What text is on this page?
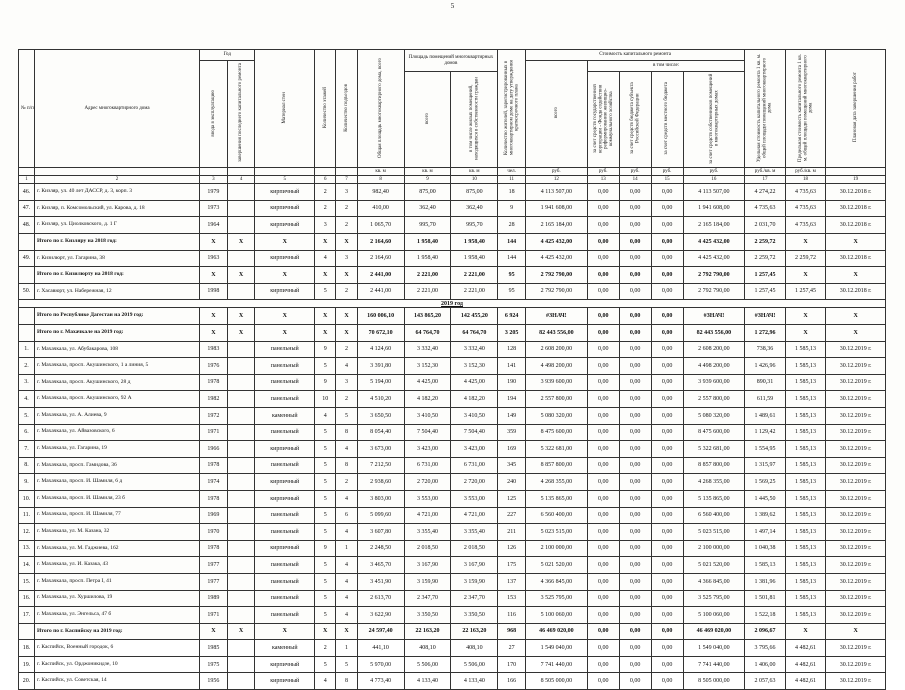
5
№ п/п	Адрес многоквартирного дома	Год		Материал стен	Количество этажей	Количество подъездов	Общая площадь многоквартирного дома, всего	Площадь помещений многоквартирных домов		Количество жителей, зарегистрированных в многоквартирном доме на дату утверждения краткосрочного плана	Стоимость капитального ремонта					Удельная стоимость капитального ремонта 1 кв. м. общей площади помещений многоквартирного дома	Предельная стоимость капитального ремонта 1 кв. м. общей площади помещений многоквартирного дома	Плановая дата завершения работ
		ввода в эксплуатацию	завершения последнего капитального ремонта								всего	в том числе:						
								всего	в том числе жилых помещений, находящихся в собственности граждан			за счет средств государственной корпорации - Фонда содействия реформированию жилищно-коммунального хозяйства	за счет средств бюджета субъекта Российской Федерации	за счет средств местного бюджета	за счет средств собственников помещений в многоквартирных домах			
							кв. м	кв. м	кв. м	чел.	руб.	руб.	руб.	руб.	руб.	руб./кв. м	руб./кв. м	
1	2	3	4	5	6	7	8	9	10	11	12	13	14	15	16	17	18	19
46.	г. Кизляр, ул. 40 лет ДАССР, д. 3, корп. 3	1979		кирпичный	2	3	982,40	875,00	875,00	18	4 113 507,00	0,00	0,00	0,00	4 113 507,00	4 274,22	4 735,63	30.12.2018 г.
47.	г. Кизляр, п. Комсомольский, ул. Карова, д. 18	1973		кирпичный	2	2	410,00	362,40	362,40	9	1 941 608,00	0,00	0,00	0,00	1 941 608,00	4 735,63	4 735,63	30.12.2018 г.
48.	г. Кизляр, ул. Циолковского, д. 1 Г	1964		кирпичный	3	2	1 065,70	995,70	995,70	28	2 165 184,00	0,00	0,00	0,00	2 165 184,00	2 031,70	4 735,63	30.12.2018 г.
	Итого по г. Кизляру на 2018 год:	X	X	X	X	X	2 164,60	1 958,40	1 958,40	144	4 425 432,00	0,00	0,00	0,00	4 425 432,00	2 259,72	X	X
49.	г. Кизилюрт, ул. Гагарина, 38	1963		кирпичный	4	3	2 164,60	1 958,40	1 958,40	144	4 425 432,00	0,00	0,00	0,00	4 425 432,00	2 259,72	2 259,72	30.12.2018 г.
	Итого по г. Кизилюрту на 2018 год:	X	X	X	X	X	2 441,00	2 221,00	2 221,00	95	2 792 790,00	0,00	0,00	0,00	2 792 790,00	1 257,45	X	X
50.	г. Хасавюрт, ул. Набережная, 12	1998		кирпичный	5	2	2 441,00	2 221,00	2 221,00	95	2 792 790,00	0,00	0,00	0,00	2 792 790,00	1 257,45	1 257,45	30.12.2018 г.
2019 год																		
	Итого по Республике Дагестан на 2019 год:	X	X	X	X	X	160 006,10	143 865,20	142 455,20	6 924	#ЗНАЧ!	0,00	0,00	0,00	#ЗНАЧ!	#ЗНАЧ!	X	X
	Итого по г. Махачкале на 2019 год:	X	X	X	X	X	70 672,10	64 764,70	64 764,70	3 205	82 443 556,00	0,00	0,00	0,00	82 443 556,00	1 272,96	X	X
1.	г. Махачкала, ул. Абубакарова, 108	1983		панельный	9	2	4 124,60	3 332,40	3 332,40	128	2 608 200,00	0,00	0,00	0,00	2 608 200,00	738,36	1 585,13	30.12.2019 г.
2.	г. Махачкала, просп. Акушинского, 1 а линия, 5	1976		панельный	5	4	3 391,80	3 152,30	3 152,30	141	4 498 200,00	0,00	0,00	0,00	4 498 200,00	1 426,96	1 585,13	30.12.2019 г.
3.	г. Махачкала, просп. Акушинского, 28 д	1978		панельный	9	3	5 194,00	4 425,00	4 425,00	190	3 939 600,00	0,00	0,00	0,00	3 939 600,00	890,31	1 585,13	30.12.2019 г.
4.	г. Махачкала, просп. Акушинского, 92 А	1982		панельный	10	2	4 510,20	4 182,20	4 182,20	194	2 557 800,00	0,00	0,00	0,00	2 557 800,00	611,59	1 585,13	30.12.2019 г.
5.	г. Махачкала, ул. А. Алиева, 9	1972		каменный	4	5	3 650,50	3 410,50	3 410,50	149	5 080 320,00	0,00	0,00	0,00	5 080 320,00	1 489,61	1 585,13	30.12.2019 г.
6.	г. Махачкала, ул. Айвазовского, 6	1971		панельный	5	8	8 054,40	7 504,40	7 504,40	359	8 475 600,00	0,00	0,00	0,00	8 475 600,00	1 129,42	1 585,13	30.12.2019 г.
7.	г. Махачкала, ул. Гагарина, 19	1966		кирпичный	5	4	3 673,00	3 423,00	3 423,00	169	5 322 681,00	0,00	0,00	0,00	5 322 681,00	1 554,95	1 585,13	30.12.2019 г.
8.	г. Махачкала, просп. Гамидова, 36	1978		панельный	5	8	7 212,50	6 731,00	6 731,00	345	8 857 800,00	0,00	0,00	0,00	8 857 800,00	1 315,97	1 585,13	30.12.2019 г.
9.	г. Махачкала, просп. И. Шамиля, 6 д	1974		кирпичный	5	2	2 938,60	2 720,00	2 720,00	240	4 268 355,00	0,00	0,00	0,00	4 268 355,00	1 569,25	1 585,13	30.12.2019 г.
10.	г. Махачкала, просп. И. Шамиля, 23 б	1978		кирпичный	5	4	3 803,00	3 553,00	3 553,00	125	5 135 865,00	0,00	0,00	0,00	5 135 865,00	1 445,50	1 585,13	30.12.2019 г.
11.	г. Махачкала, просп. И. Шамиля, 77	1969		панельный	5	6	5 099,60	4 721,00	4 721,00	227	6 560 400,00	0,00	0,00	0,00	6 560 400,00	1 389,62	1 585,13	30.12.2019 г.
12.	г. Махачкала, ул. М. Казана, 32	1970		панельный	5	4	3 607,80	3 355,40	3 355,40	211	5 023 515,00	0,00	0,00	0,00	5 023 515,00	1 497,14	1 585,13	30.12.2019 г.
13.	г. Махачкала, ул. М. Гаджиева, 162	1978		кирпичный	9	1	2 248,50	2 018,50	2 018,50	126	2 100 000,00	0,00	0,00	0,00	2 100 000,00	1 040,38	1 585,13	30.12.2019 г.
14.	г. Махачкала, ул. И. Казака, 43	1977		панельный	5	4	3 465,70	3 167,90	3 167,90	175	5 021 520,00	0,00	0,00	0,00	5 021 520,00	1 585,13	1 585,13	30.12.2019 г.
15.	г. Махачкала, просп. Петра I, 41	1977		панельный	5	4	3 451,90	3 159,90	3 159,90	137	4 366 845,00	0,00	0,00	0,00	4 366 845,00	1 381,96	1 585,13	30.12.2019 г.
16.	г. Махачкала, ул. Хуршилова, 19	1989		панельный	5	4	2 613,70	2 347,70	2 347,70	153	3 525 795,00	0,00	0,00	0,00	3 525 795,00	1 501,81	1 585,13	30.12.2019 г.
17.	г. Махачкала, ул. Энгельса, 47 б	1971		панельный	5	4	3 622,90	3 350,50	3 350,50	116	5 100 060,00	0,00	0,00	0,00	5 100 060,00	1 522,18	1 585,13	30.12.2019 г.
	Итого по г. Каспийску на 2019 год:	X	X	X	X	X	24 597,40	22 163,20	22 163,20	968	46 469 020,00	0,00	0,00	0,00	46 469 020,00	2 096,67	X	X
18.	г. Каспийск, Военный городок, 6	1985		каменный	2	1	441,10	408,10	408,10	27	1 549 040,00	0,00	0,00	0,00	1 549 040,00	3 795,66	4 482,61	30.12.2019 г.
19.	г. Каспийск, ул. Орджоникидзе, 10	1975		кирпичный	5	5	5 970,00	5 506,00	5 506,00	170	7 741 440,00	0,00	0,00	0,00	7 741 440,00	1 406,00	4 482,61	30.12.2019 г.
20.	г. Каспийск, ул. Советская, 14	1956		кирпичный	4	8	4 773,40	4 133,40	4 133,40	166	8 505 000,00	0,00	0,00	0,00	8 505 000,00	2 057,63	4 482,61	30.12.2019 г.
